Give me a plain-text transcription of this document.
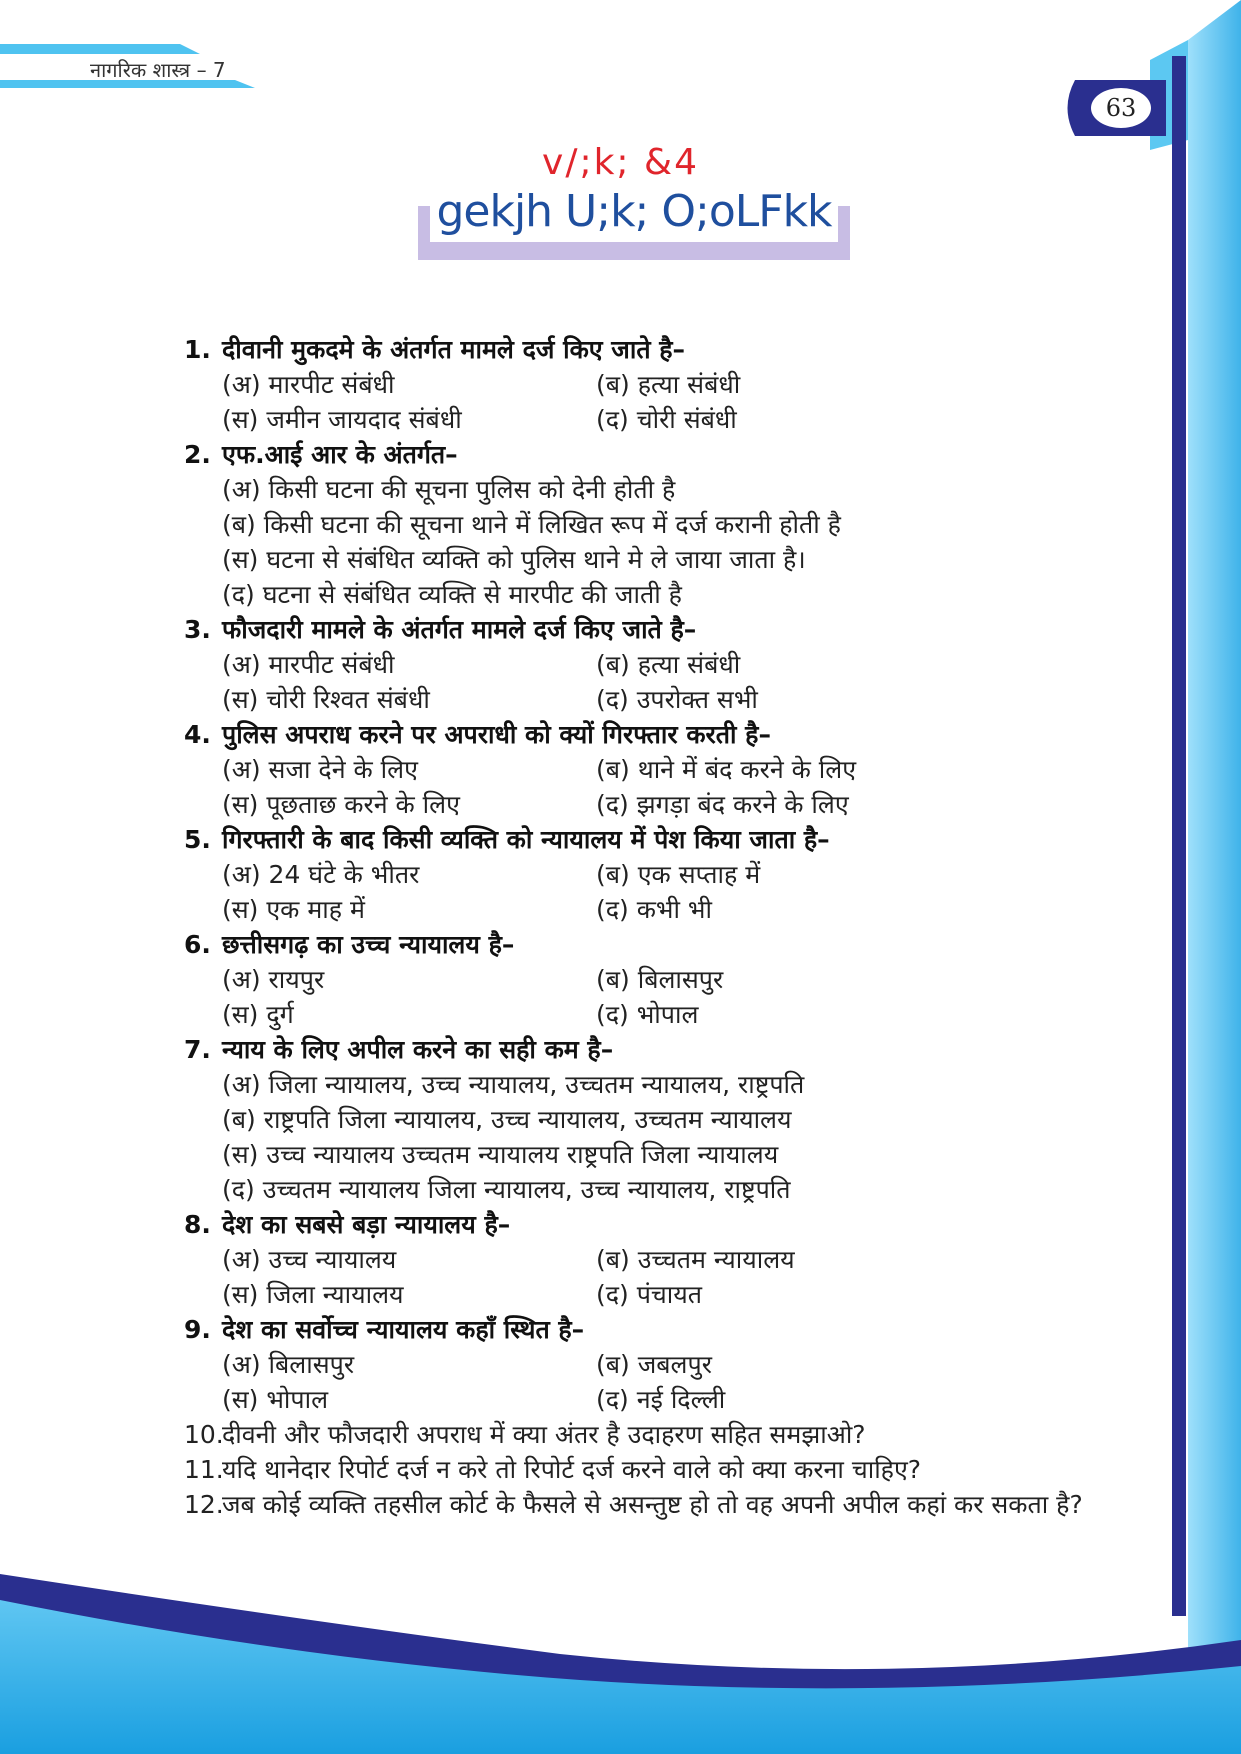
नागरिक शास्त्र – 7
63
v/;k; &4
gekjh U;k; O;oLFkk
1. दीवानी मुकदमे के अंतर्गत मामले दर्ज किए जाते है–
(अ) मारपीट संबंधी	(ब) हत्या संबंधी
(स) जमीन जायदाद संबंधी	(द) चोरी संबंधी
2. एफ.आई आर के अंतर्गत–
(अ) किसी घटना की सूचना पुलिस को देनी होती है
(ब) किसी घटना की सूचना थाने में लिखित रूप में दर्ज करानी होती है
(स) घटना से संबंधित व्यक्ति को पुलिस थाने मे ले जाया जाता है।
(द) घटना से संबंधित व्यक्ति से मारपीट की जाती है
3. फौजदारी मामले के अंतर्गत मामले दर्ज किए जाते है–
(अ) मारपीट संबंधी	(ब) हत्या संबंधी
(स) चोरी रिश्वत संबंधी	(द) उपरोक्त सभी
4. पुलिस अपराध करने पर अपराधी को क्यों गिरफ्तार करती है–
(अ) सजा देने के लिए	(ब) थाने में बंद करने के लिए
(स) पूछताछ करने के लिए	(द) झगड़ा बंद करने के लिए
5. गिरफ्तारी के बाद किसी व्यक्ति को न्यायालय में पेश किया जाता है–
(अ) 24 घंटे के भीतर	(ब) एक सप्ताह में
(स) एक माह में	(द) कभी भी
6. छत्तीसगढ़ का उच्च न्यायालय है–
(अ) रायपुर	(ब) बिलासपुर
(स) दुर्ग	(द) भोपाल
7. न्याय के लिए अपील करने का सही कम है–
(अ) जिला न्यायालय, उच्च न्यायालय, उच्चतम न्यायालय, राष्ट्रपति
(ब) राष्ट्रपति जिला न्यायालय, उच्च न्यायालय, उच्चतम न्यायालय
(स) उच्च न्यायालय उच्चतम न्यायालय राष्ट्रपति जिला न्यायालय
(द) उच्चतम न्यायालय जिला न्यायालय, उच्च न्यायालय, राष्ट्रपति
8. देश का सबसे बड़ा न्यायालय है–
(अ) उच्च न्यायालय	(ब) उच्चतम न्यायालय
(स) जिला न्यायालय	(द) पंचायत
9. देश का सर्वोच्च न्यायालय कहाँ स्थित है–
(अ) बिलासपुर	(ब) जबलपुर
(स) भोपाल	(द) नई दिल्ली
10.
दीवनी और फौजदारी अपराध में क्या अंतर है उदाहरण सहित समझाओ?
11.
यदि थानेदार रिपोर्ट दर्ज न करे तो रिपोर्ट दर्ज करने वाले को क्या करना चाहिए?
12.
जब कोई व्यक्ति तहसील कोर्ट के फैसले से असन्तुष्ट हो तो वह अपनी अपील कहां कर सकता है?
